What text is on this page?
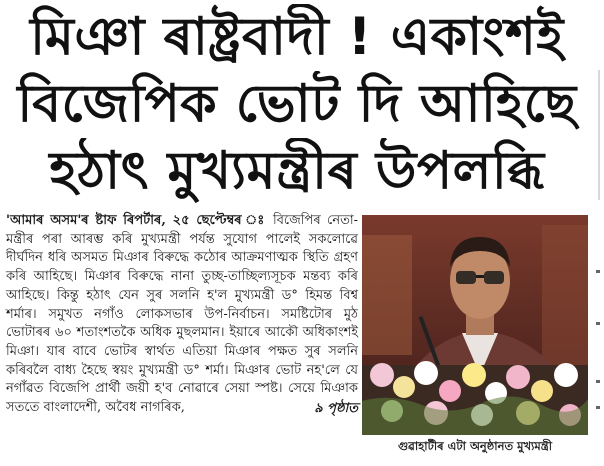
মিঞা ৰাষ্ট্ৰবাদী ! একাংশই
বিজেপিক ভোট দি আহিছে
হঠাৎ মুখ্যমন্ত্ৰীৰ উপলব্ধি

'আমাৰ অসম'ৰ ষ্টাফ ৰিপৰ্টাৰ, ২৫ ছেপ্টেম্বৰ ঃ বিজেপিৰ নেতা-মন্ত্ৰীৰ পৰা আৰম্ভ কৰি মুখ্যমন্ত্ৰী পৰ্যন্ত সুযোগ পালেই সকলোৱে দীৰ্ঘদিন ধৰি অসমত মিঞাৰ বিৰুদ্ধে কঠোৰ আক্ৰমণাত্মক স্থিতি গ্ৰহণ কৰি আহিছে। মিঞাৰ বিৰুদ্ধে নানা তুচ্ছ-তাচ্ছিল্যসূচক মন্তব্য কৰি আহিছে। কিন্তু হঠাৎ যেন সুৰ সলনি হ'ল মুখ্যমন্ত্ৰী ড° হিমন্ত বিশ্ব শৰ্মাৰ। সমুখত নগাঁও লোকসভাৰ উপ-নিৰ্বাচন। সমষ্টিটোৰ মুঠ ভোটাৰৰ ৬০ শতাংশতকৈ অধিক মুছলমান। ইয়াৰে আকৌ অধিকাংশই মিঞা। যাৰ বাবে ভোটৰ স্বাৰ্থত এতিয়া মিঞাৰ পক্ষত সুৰ সলনি কৰিবলৈ বাধ্য হৈছে স্বয়ং মুখ্যমন্ত্ৰী ড° শৰ্মা। মিঞাৰ ভোট নহ'লে যে নগাঁৱত বিজেপি প্ৰাৰ্থী জয়ী হ'ব নোৱাৰে সেয়া স্পষ্ট। সেয়ে মিঞাক সততে বাংলাদেশী, অবৈধ নাগৰিক,	৯ পৃষ্ঠাত
গুৱাহাটীৰ এটা অনুষ্ঠানত মুখ্যমন্ত্ৰী
